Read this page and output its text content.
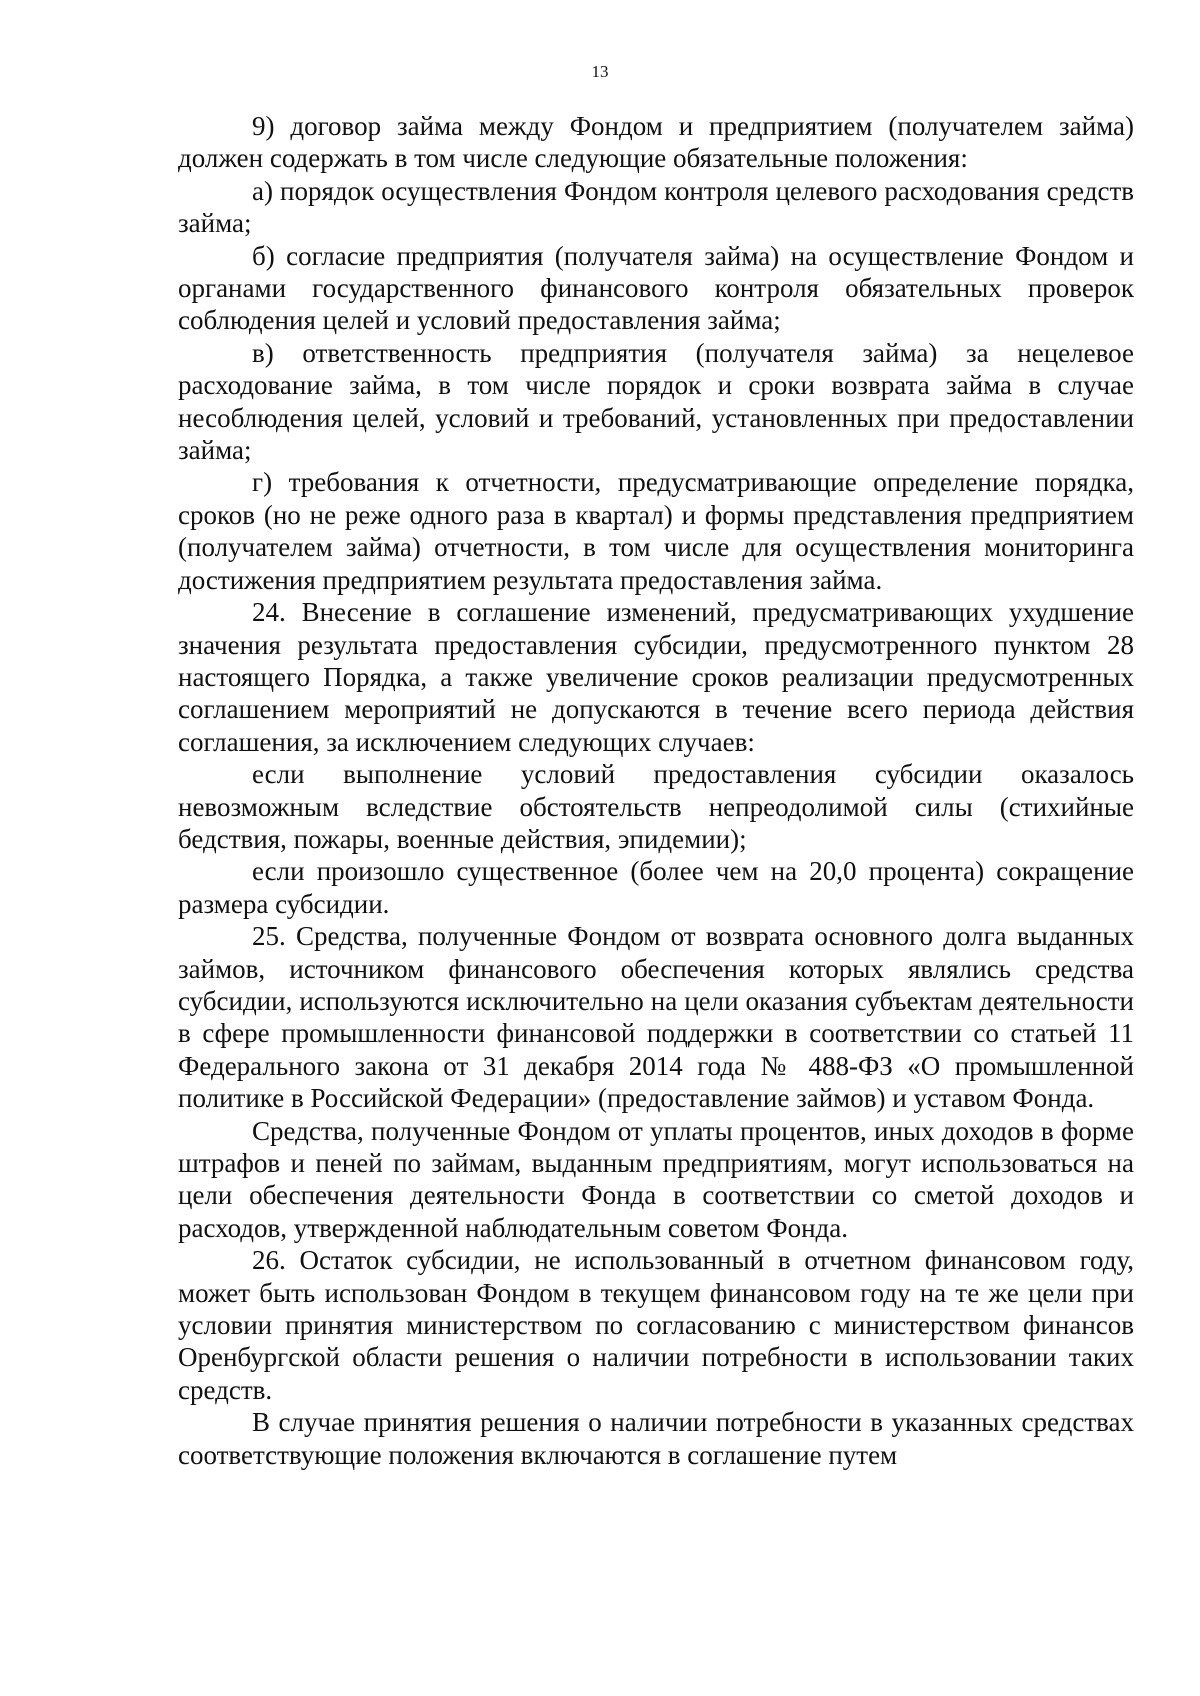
13

9) договор займа между Фондом и предприятием (получателем займа) должен содержать в том числе следующие обязательные положения:

а) порядок осуществления Фондом контроля целевого расходования средств займа;

б) согласие предприятия (получателя займа) на осуществление Фондом и органами государственного финансового контроля обязательных проверок соблюдения целей и условий предоставления займа;

в) ответственность предприятия (получателя займа) за нецелевое расходование займа, в том числе порядок и сроки возврата займа в случае несоблюдения целей, условий и требований, установленных при предоставлении займа;

г) требования к отчетности, предусматривающие определение порядка, сроков (но не реже одного раза в квартал) и формы представления предприятием (получателем займа) отчетности, в том числе для осуществления мониторинга достижения предприятием результата предоставления займа.

24. Внесение в соглашение изменений, предусматривающих ухудшение значения результата предоставления субсидии, предусмотренного пунктом 28 настоящего Порядка, а также увеличение сроков реализации предусмотренных соглашением мероприятий не допускаются в течение всего периода действия соглашения, за исключением следующих случаев:

если выполнение условий предоставления субсидии оказалось невозможным вследствие обстоятельств непреодолимой силы (стихийные бедствия, пожары, военные действия, эпидемии);

если произошло существенное (более чем на 20,0 процента) сокращение размера субсидии.

25. Средства, полученные Фондом от возврата основного долга выданных займов, источником финансового обеспечения которых являлись средства субсидии, используются исключительно на цели оказания субъектам деятельности в сфере промышленности финансовой поддержки в соответствии со статьей 11 Федерального закона от 31 декабря 2014 года № 488-ФЗ «О промышленной политике в Российской Федерации» (предоставление займов) и уставом Фонда.

Средства, полученные Фондом от уплаты процентов, иных доходов в форме штрафов и пеней по займам, выданным предприятиям, могут использоваться на цели обеспечения деятельности Фонда в соответствии со сметой доходов и расходов, утвержденной наблюдательным советом Фонда.

26. Остаток субсидии, не использованный в отчетном финансовом году, может быть использован Фондом в текущем финансовом году на те же цели при условии принятия министерством по согласованию с министерством финансов Оренбургской области решения о наличии потребности в использовании таких средств.

В случае принятия решения о наличии потребности в указанных средствах соответствующие положения включаются в соглашение путем
